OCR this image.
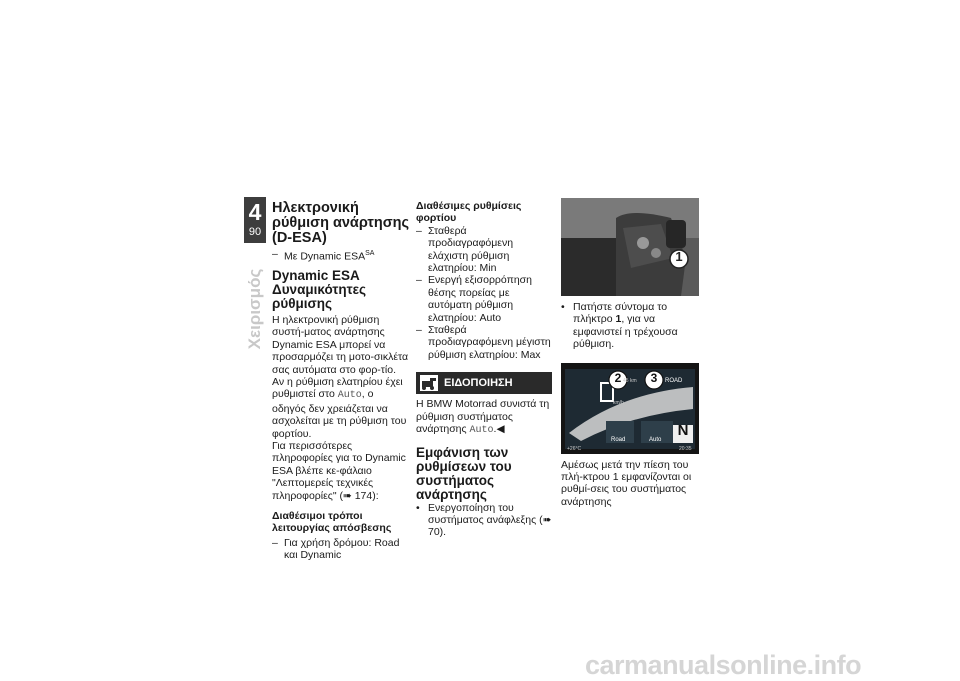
4
90
Χειρισμός

Ηλεκτρονική ρύθμιση ανάρτησης (D-ESA)

– Με Dynamic $ESA^{SA}$

Dynamic ESA Δυναμικότητες ρύθμισης

Η ηλεκτρονική ρύθμιση συστή-ματος ανάρτησης Dynamic ESA μπορεί να προσαρμόζει τη μοτο-σικλέτα σας αυτόματα στο φορ-τίο. Αν η ρύθμιση ελατηρίου έχει ρυθμιστεί στο Auto, ο οδηγός δεν χρειάζεται να ασχολείται με τη ρύθμιση του φορτίου.

Για περισσότερες πληροφορίες για το Dynamic ESA βλέπε κε-φάλαιο "Λεπτομερείς τεχνικές πληροφορίες" (➠ 174):

Διαθέσιμοι τρόποι λειτουργίας απόσβεσης

– Για χρήση δρόμου: Road και Dynamic

Διαθέσιμες ρυθμίσεις φορτίου

– Σταθερά προδιαγραφόμενη ελάχιστη ρύθμιση ελατηρίου: Min
– Ενεργή εξισορρόπηση θέσης πορείας με αυτόματη ρύθμιση ελατηρίου: Auto
– Σταθερά προδιαγραφόμενη μέγιστη ρύθμιση ελατηρίου: Max
ΕΙΔΟΠΟΙΗΣΗ

Η BMW Motorrad συνιστά τη ρύθμιση συστήματος ανάρτησης Auto.◀

Εμφάνιση των ρυθμίσεων του συστήματος ανάρτησης

• Ενεργοποίηση του συστήματος ανάφλεξης (➠ 70).
1
• Πατήστε σύντομα το πλήκτρο 1, για να εμφανιστεί η τρέχουσα ρύθμιση.
2	3	ROAD
45 km
km/h
Road	Auto
N
+26°C	20:35

Αμέσως μετά την πίεση του πλή-κτρου 1 εμφανίζονται οι ρυθμί-σεις του συστήματος ανάρτησης

carmanualsonline.info
